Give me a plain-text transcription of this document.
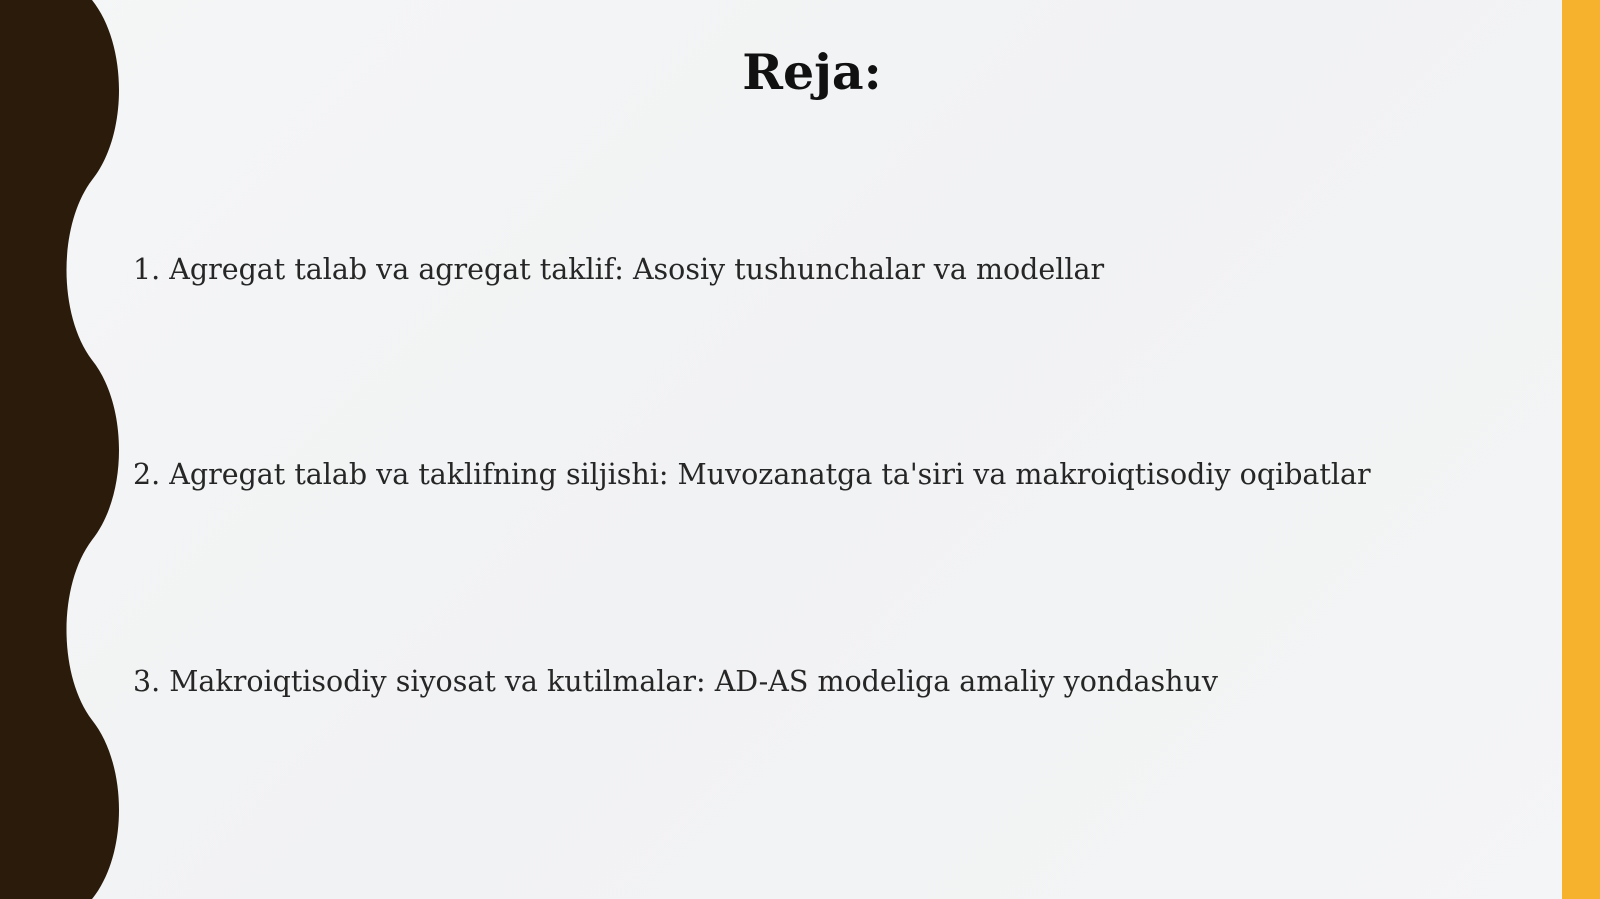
Reja:

1. Agregat talab va agregat taklif: Asosiy tushunchalar va modellar

2. Agregat talab va taklifning siljishi: Muvozanatga ta'siri va makroiqtisodiy oqibatlar

3. Makroiqtisodiy siyosat va kutilmalar: AD-AS modeliga amaliy yondashuv
